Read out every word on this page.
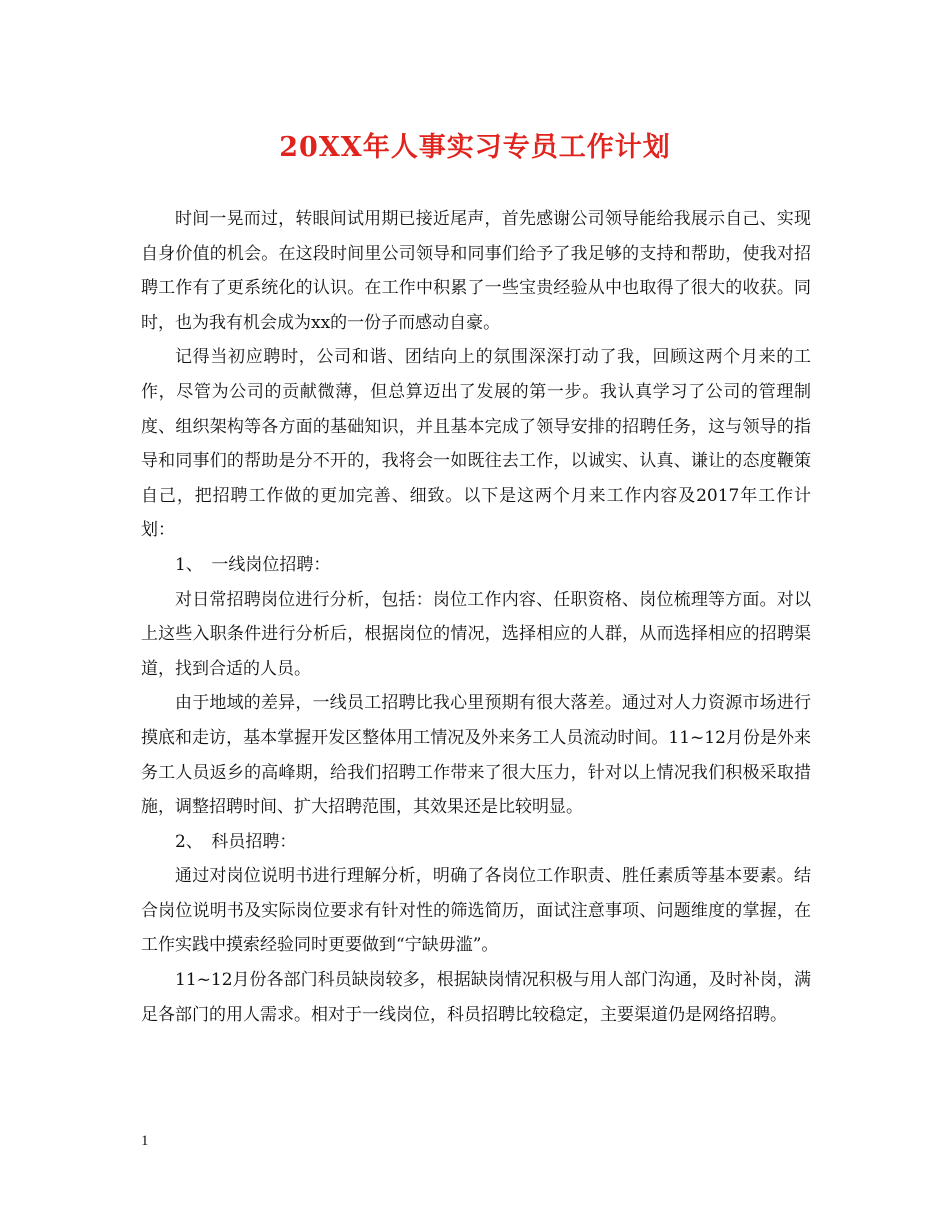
20XX年人事实习专员工作计划

时间一晃而过，转眼间试用期已接近尾声，首先感谢公司领导能给我展示自己、实现自身价值的机会。在这段时间里公司领导和同事们给予了我足够的支持和帮助，使我对招聘工作有了更系统化的认识。在工作中积累了一些宝贵经验从中也取得了很大的收获。同时，也为我有机会成为xx的一份子而感动自豪。

记得当初应聘时，公司和谐、团结向上的氛围深深打动了我，回顾这两个月来的工作，尽管为公司的贡献微薄，但总算迈出了发展的第一步。我认真学习了公司的管理制度、组织架构等各方面的基础知识，并且基本完成了领导安排的招聘任务，这与领导的指导和同事们的帮助是分不开的，我将会一如既往去工作，以诚实、认真、谦让的态度鞭策自己，把招聘工作做的更加完善、细致。以下是这两个月来工作内容及2017年工作计划：

1、　一线岗位招聘：

对日常招聘岗位进行分析，包括：岗位工作内容、任职资格、岗位梳理等方面。对以上这些入职条件进行分析后，根据岗位的情况，选择相应的人群，从而选择相应的招聘渠道，找到合适的人员。

由于地域的差异，一线员工招聘比我心里预期有很大落差。通过对人力资源市场进行摸底和走访，基本掌握开发区整体用工情况及外来务工人员流动时间。11~12月份是外来务工人员返乡的高峰期，给我们招聘工作带来了很大压力，针对以上情况我们积极采取措施，调整招聘时间、扩大招聘范围，其效果还是比较明显。

2、　科员招聘：

通过对岗位说明书进行理解分析，明确了各岗位工作职责、胜任素质等基本要素。结合岗位说明书及实际岗位要求有针对性的筛选简历，面试注意事项、问题维度的掌握，在工作实践中摸索经验同时更要做到“宁缺毋滥”。

11~12月份各部门科员缺岗较多，根据缺岗情况积极与用人部门沟通，及时补岗，满足各部门的用人需求。相对于一线岗位，科员招聘比较稳定，主要渠道仍是网络招聘。

1
